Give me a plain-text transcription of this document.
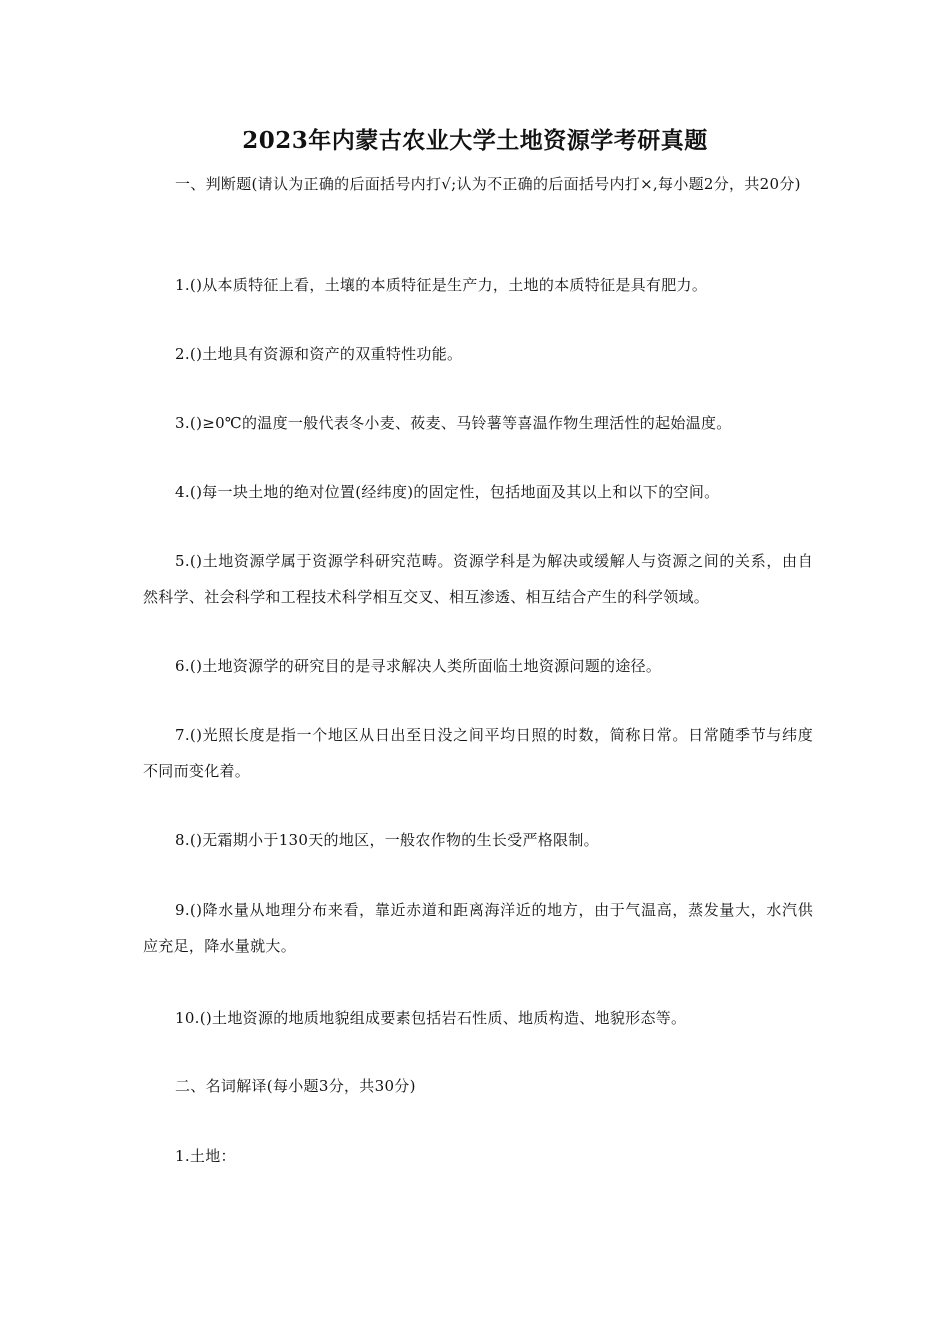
2023年内蒙古农业大学土地资源学考研真题

一、判断题(请认为正确的后面括号内打√;认为不正确的后面括号内打×,每小题2分，共20分)

1.()从本质特征上看，土壤的本质特征是生产力，土地的本质特征是具有肥力。

2.()土地具有资源和资产的双重特性功能。

3.()≥0℃的温度一般代表冬小麦、莜麦、马铃薯等喜温作物生理活性的起始温度。

4.()每一块土地的绝对位置(经纬度)的固定性，包括地面及其以上和以下的空间。

5.()土地资源学属于资源学科研究范畴。资源学科是为解决或缓解人与资源之间的关系，由自然科学、社会科学和工程技术科学相互交叉、相互渗透、相互结合产生的科学领域。

6.()土地资源学的研究目的是寻求解决人类所面临土地资源问题的途径。

7.()光照长度是指一个地区从日出至日没之间平均日照的时数，简称日常。日常随季节与纬度不同而变化着。

8.()无霜期小于130天的地区，一般农作物的生长受严格限制。

9.()降水量从地理分布来看，靠近赤道和距离海洋近的地方，由于气温高，蒸发量大，水汽供应充足，降水量就大。

10.()土地资源的地质地貌组成要素包括岩石性质、地质构造、地貌形态等。

二、名词解译(每小题3分，共30分)

1.土地：
